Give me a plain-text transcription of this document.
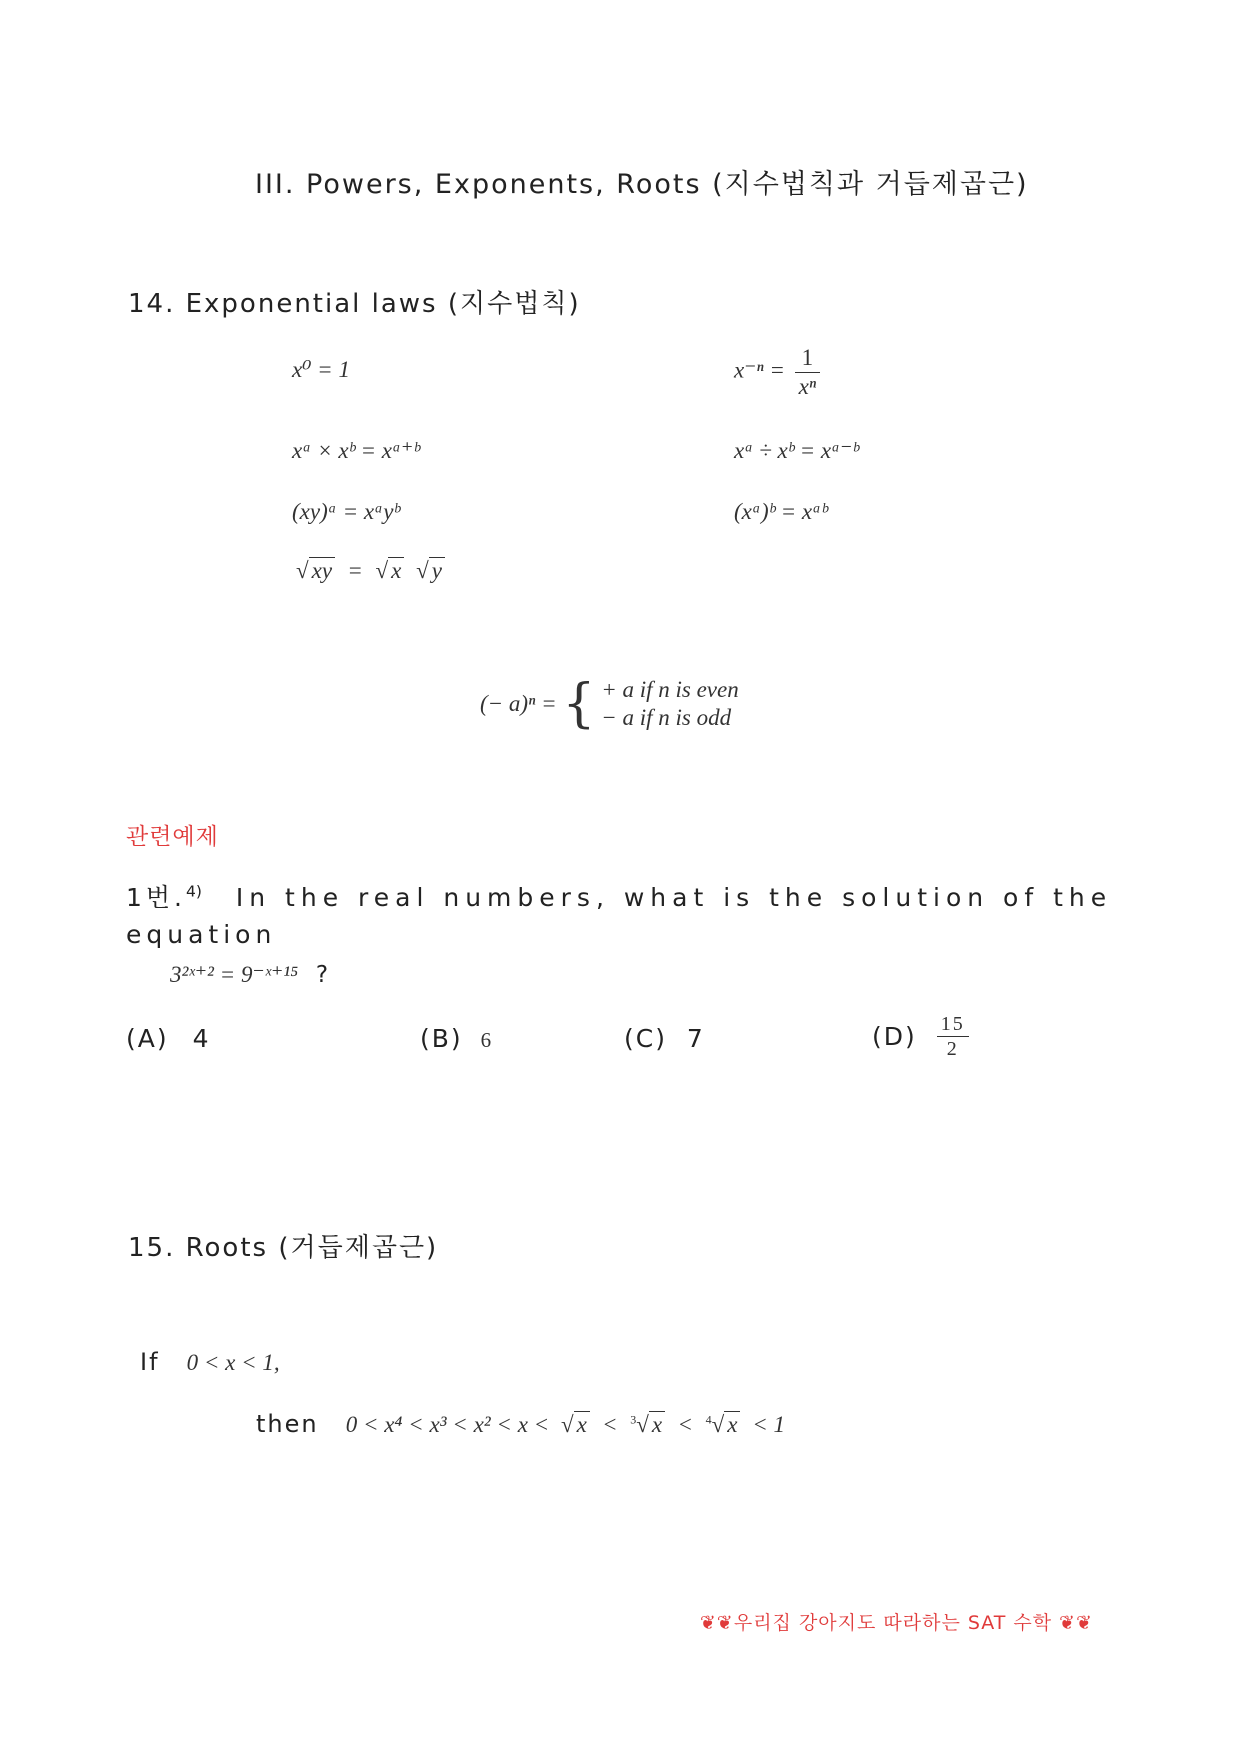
III. Powers, Exponents, Roots (지수법칙과 거듭제곱근)
14. Exponential laws (지수법칙)
x⁰ = 1	$x^{-n} = \frac{1}{\text{xⁿ}}$
xᵃ × xᵇ = xᵃ⁺ᵇ	xᵃ ÷ xᵇ = xᵃ⁻ᵇ
(xy)ᵃ = xᵃyᵇ	(xᵃ)ᵇ = xᵃᵇ
√ xy = √ x √ y
(− a)ⁿ = { + a if n is even
− a if n is odd
관련예제
1번.$^{4)}$ In the real numbers, what is the solution of the
equation
3²ˣ⁺² = 9⁻ˣ⁺¹⁵ ?
(A) 4	(B) 6	(C) 7	$(D) \frac{15}{2}$
15. Roots (거듭제곱근)
If 0 < x < 1,
then 0 < x⁴ < x³ < x² < x < √ x < $^3$√ x < $^4$√ x < 1
❦❦우리집 강아지도 따라하는 SAT 수학 ❦❦
